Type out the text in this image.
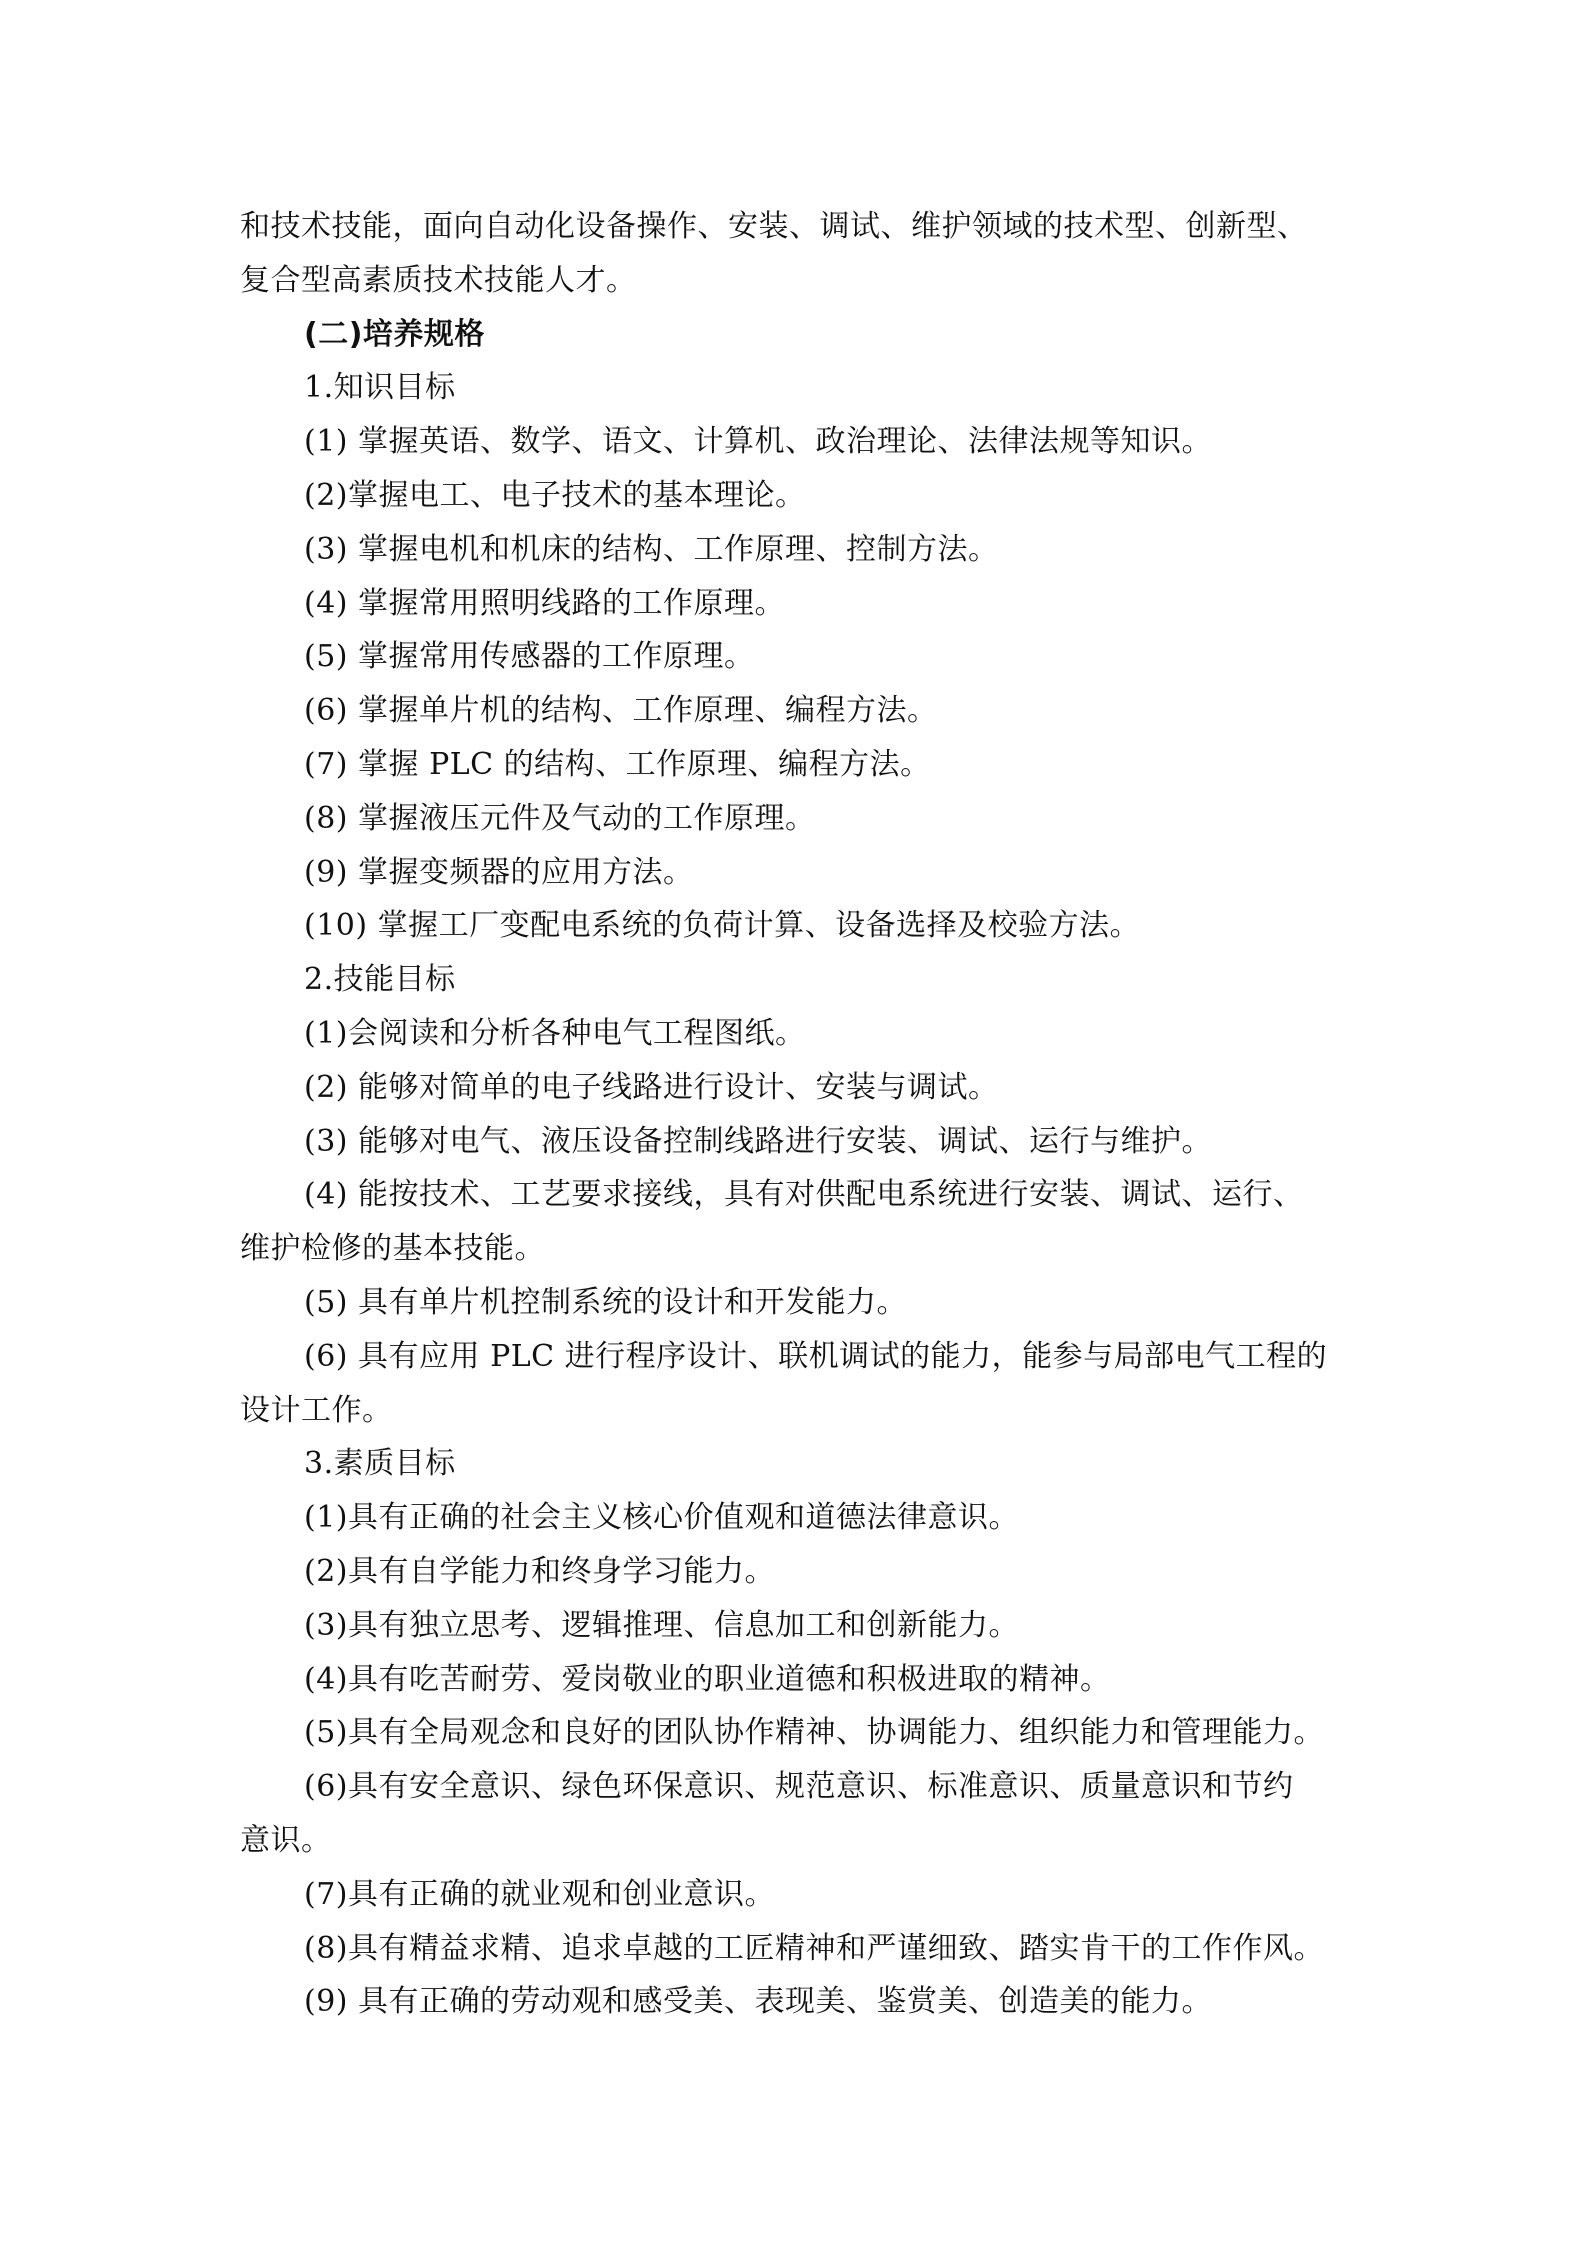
和技术技能，面向自动化设备操作、安装、调试、维护领域的技术型、创新型、
复合型高素质技术技能人才。
(二)培养规格
1.知识目标
(1) 掌握英语、数学、语文、计算机、政治理论、法律法规等知识。
(2)掌握电工、电子技术的基本理论。
(3) 掌握电机和机床的结构、工作原理、控制方法。
(4) 掌握常用照明线路的工作原理。
(5) 掌握常用传感器的工作原理。
(6) 掌握单片机的结构、工作原理、编程方法。
(7) 掌握 PLC 的结构、工作原理、编程方法。
(8) 掌握液压元件及气动的工作原理。
(9) 掌握变频器的应用方法。
(10) 掌握工厂变配电系统的负荷计算、设备选择及校验方法。
2.技能目标
(1)会阅读和分析各种电气工程图纸。
(2) 能够对简单的电子线路进行设计、安装与调试。
(3) 能够对电气、液压设备控制线路进行安装、调试、运行与维护。
(4) 能按技术、工艺要求接线，具有对供配电系统进行安装、调试、运行、
维护检修的基本技能。
(5) 具有单片机控制系统的设计和开发能力。
(6) 具有应用 PLC 进行程序设计、联机调试的能力，能参与局部电气工程的
设计工作。
3.素质目标
(1)具有正确的社会主义核心价值观和道德法律意识。
(2)具有自学能力和终身学习能力。
(3)具有独立思考、逻辑推理、信息加工和创新能力。
(4)具有吃苦耐劳、爱岗敬业的职业道德和积极进取的精神。
(5)具有全局观念和良好的团队协作精神、协调能力、组织能力和管理能力。
(6)具有安全意识、绿色环保意识、规范意识、标准意识、质量意识和节约
意识。
(7)具有正确的就业观和创业意识。
(8)具有精益求精、追求卓越的工匠精神和严谨细致、踏实肯干的工作作风。
(9) 具有正确的劳动观和感受美、表现美、鉴赏美、创造美的能力。
